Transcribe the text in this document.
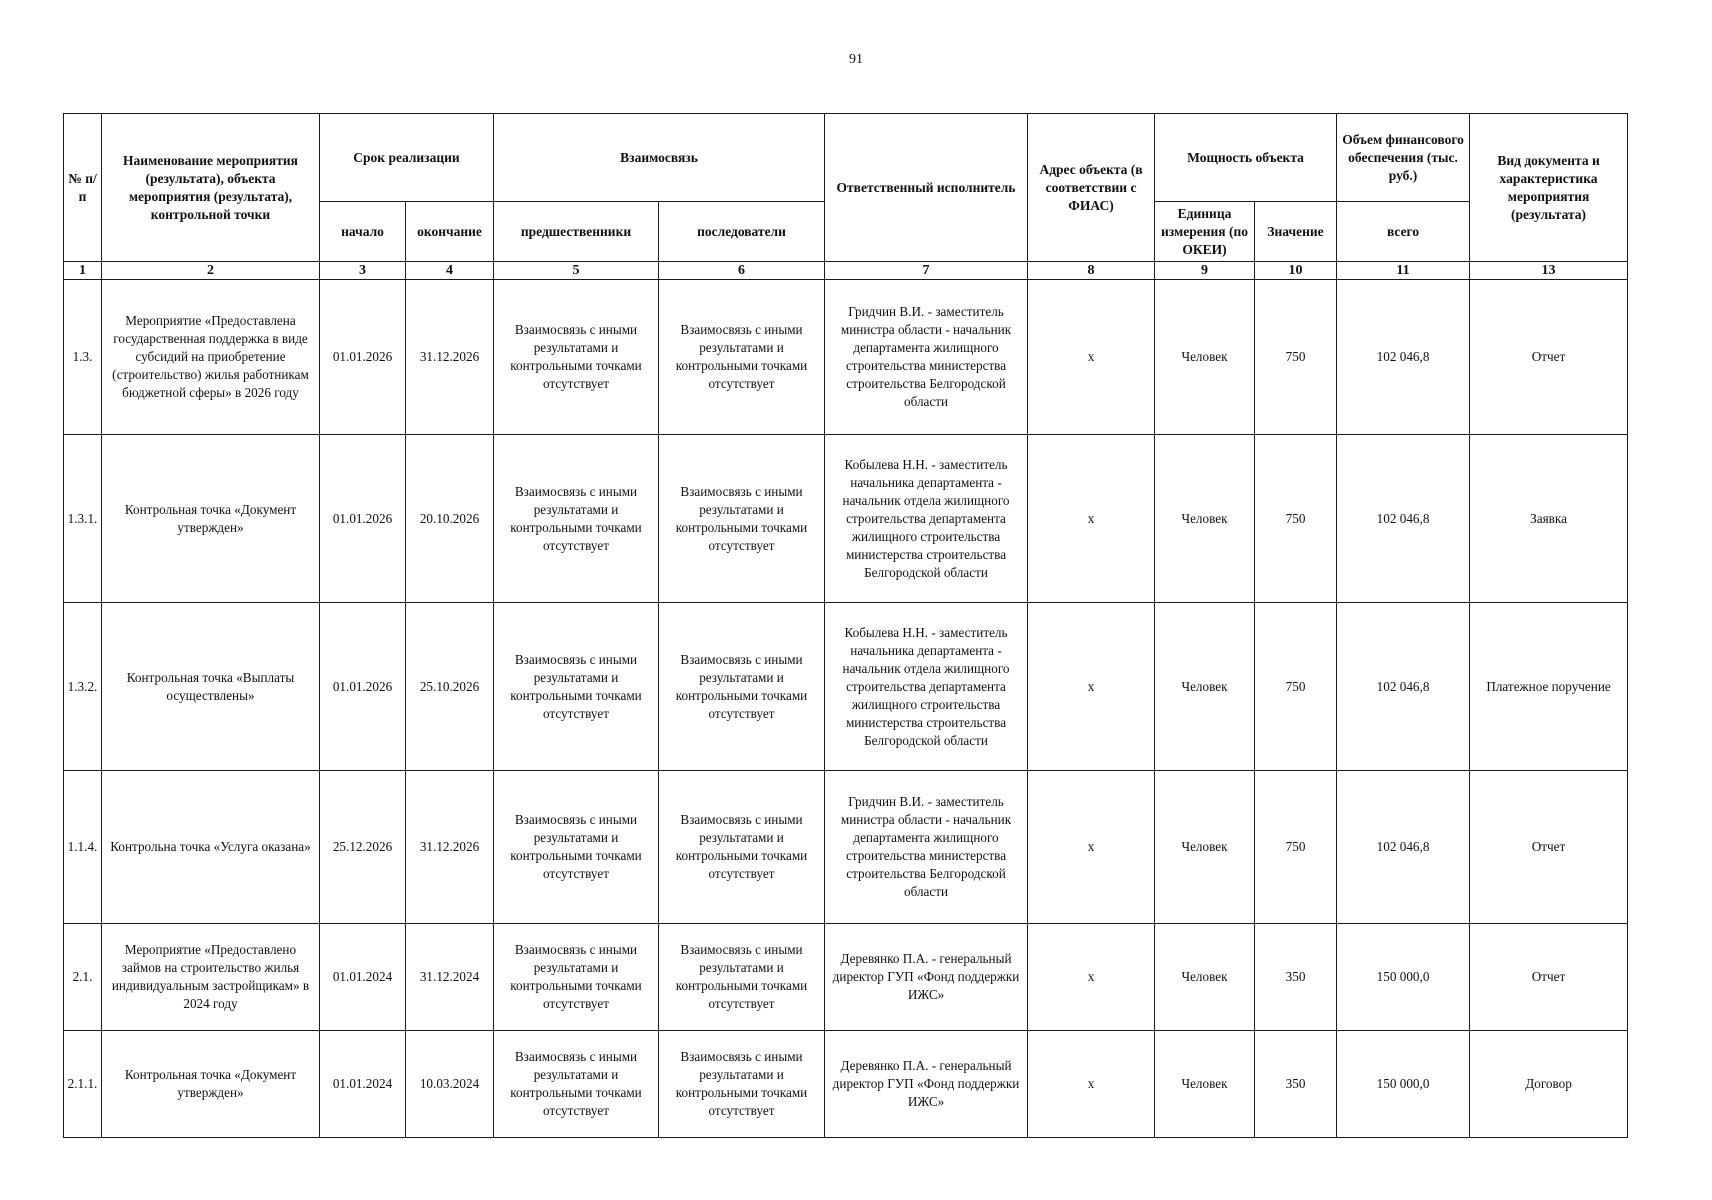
91
№ п/п	Наименование мероприятия (результата), объекта мероприятия (результата), контрольной точки	Срок реализации		Взаимосвязь		Ответственный исполнитель	Адрес объекта (в соответствии с ФИАС)	Мощность объекта		Объем финансового обеспечения (тыс. руб.)	Вид документа и характеристика мероприятия (результата)
		начало	окончание	предшественники	последователи			Единица измерения (по ОКЕИ)	Значение	всего	
1	2	3	4	5	6	7	8	9	10	11	13
1.3.	Мероприятие «Предоставлена государственная поддержка в виде субсидий на приобретение (строительство) жилья работникам бюджетной сферы» в 2026 году	01.01.2026	31.12.2026	Взаимосвязь с иными результатами и контрольными точками отсутствует	Взаимосвязь с иными результатами и контрольными точками отсутствует	Гридчин В.И. - заместитель министра области - начальник департамента жилищного строительства министерства строительства Белгородской области	х	Человек	750	102 046,8	Отчет
1.3.1.	Контрольная точка «Документ утвержден»	01.01.2026	20.10.2026	Взаимосвязь с иными результатами и контрольными точками отсутствует	Взаимосвязь с иными результатами и контрольными точками отсутствует	Кобылева Н.Н. - заместитель начальника департамента - начальник отдела жилищного строительства департамента жилищного строительства министерства строительства Белгородской области	х	Человек	750	102 046,8	Заявка
1.3.2.	Контрольная точка «Выплаты осуществлены»	01.01.2026	25.10.2026	Взаимосвязь с иными результатами и контрольными точками отсутствует	Взаимосвязь с иными результатами и контрольными точками отсутствует	Кобылева Н.Н. - заместитель начальника департамента - начальник отдела жилищного строительства департамента жилищного строительства министерства строительства Белгородской области	х	Человек	750	102 046,8	Платежное поручение
1.1.4.	Контрольна точка «Услуга оказана»	25.12.2026	31.12.2026	Взаимосвязь с иными результатами и контрольными точками отсутствует	Взаимосвязь с иными результатами и контрольными точками отсутствует	Гридчин В.И. - заместитель министра области - начальник департамента жилищного строительства министерства строительства Белгородской области	х	Человек	750	102 046,8	Отчет
2.1.	Мероприятие «Предоставлено займов на строительство жилья индивидуальным застройщикам» в 2024 году	01.01.2024	31.12.2024	Взаимосвязь с иными результатами и контрольными точками отсутствует	Взаимосвязь с иными результатами и контрольными точками отсутствует	Деревянко П.А. - генеральный директор ГУП «Фонд поддержки ИЖС»	х	Человек	350	150 000,0	Отчет
2.1.1.	Контрольная точка «Документ утвержден»	01.01.2024	10.03.2024	Взаимосвязь с иными результатами и контрольными точками отсутствует	Взаимосвязь с иными результатами и контрольными точками отсутствует	Деревянко П.А. - генеральный директор ГУП «Фонд поддержки ИЖС»	х	Человек	350	150 000,0	Договор
